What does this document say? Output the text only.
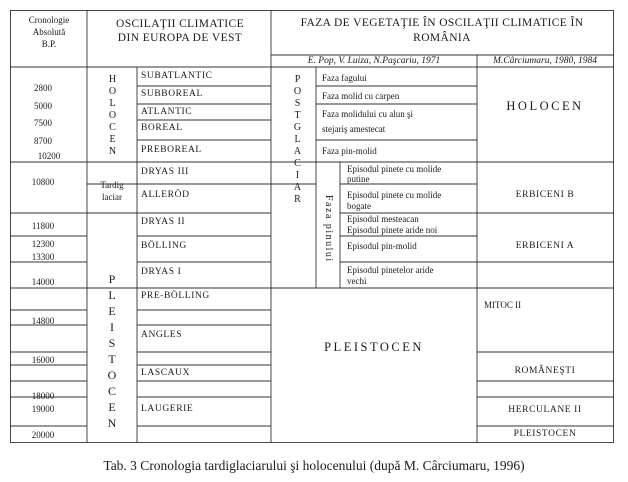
Cronologie
Absolută
B.P.
OSCILAŢII CLIMATICE
DIN EUROPA DE VEST
FAZA DE VEGETAŢIE ÎN OSCILAŢII CLIMATICE ÎN
ROMÂNIA
E. Pop, V. Luiza, N.Paşcariu, 1971	M.Cârciumaru, 1980, 1984
2800
5000
7500
8700
10200
10800
11800
12300
13300
14000
14800
16000
18000
19000
20000
HOLOCEN
Tardig
laciar
PLEISTOCEN
SUBATLANTIC
SUBBOREAL
ATLANTIC
BOREAL
PREBOREAL
DRYAS III
ALLERÖD
DRYAS II
BÖLLING
DRYAS I
PRE-BÖLLING
ANGLES
LASCAUX
LAUGERIE
POSTGLACIAR
Faza pinului
Faza fagului
Faza molid cu carpen
Faza molidului cu alun şi
stejariş amestecat
Faza pin-molid
Episodul pinete cu molide
putine
Episodul pinete cu molide
bogate
Episodul mesteacan
Episodul pinete aride noi
Episodul pin-molid
Episodul pinetelor aride
vechi
PLEISTOCEN
HOLOCEN
ERBICENI B
ERBICENI A
MITOC II
ROMÂNEŞTI
HERCULANE II
PLEISTOCEN
Tab. 3 Cronologia tardiglaciarului şi holocenului (după M. Cârciumaru, 1996)
